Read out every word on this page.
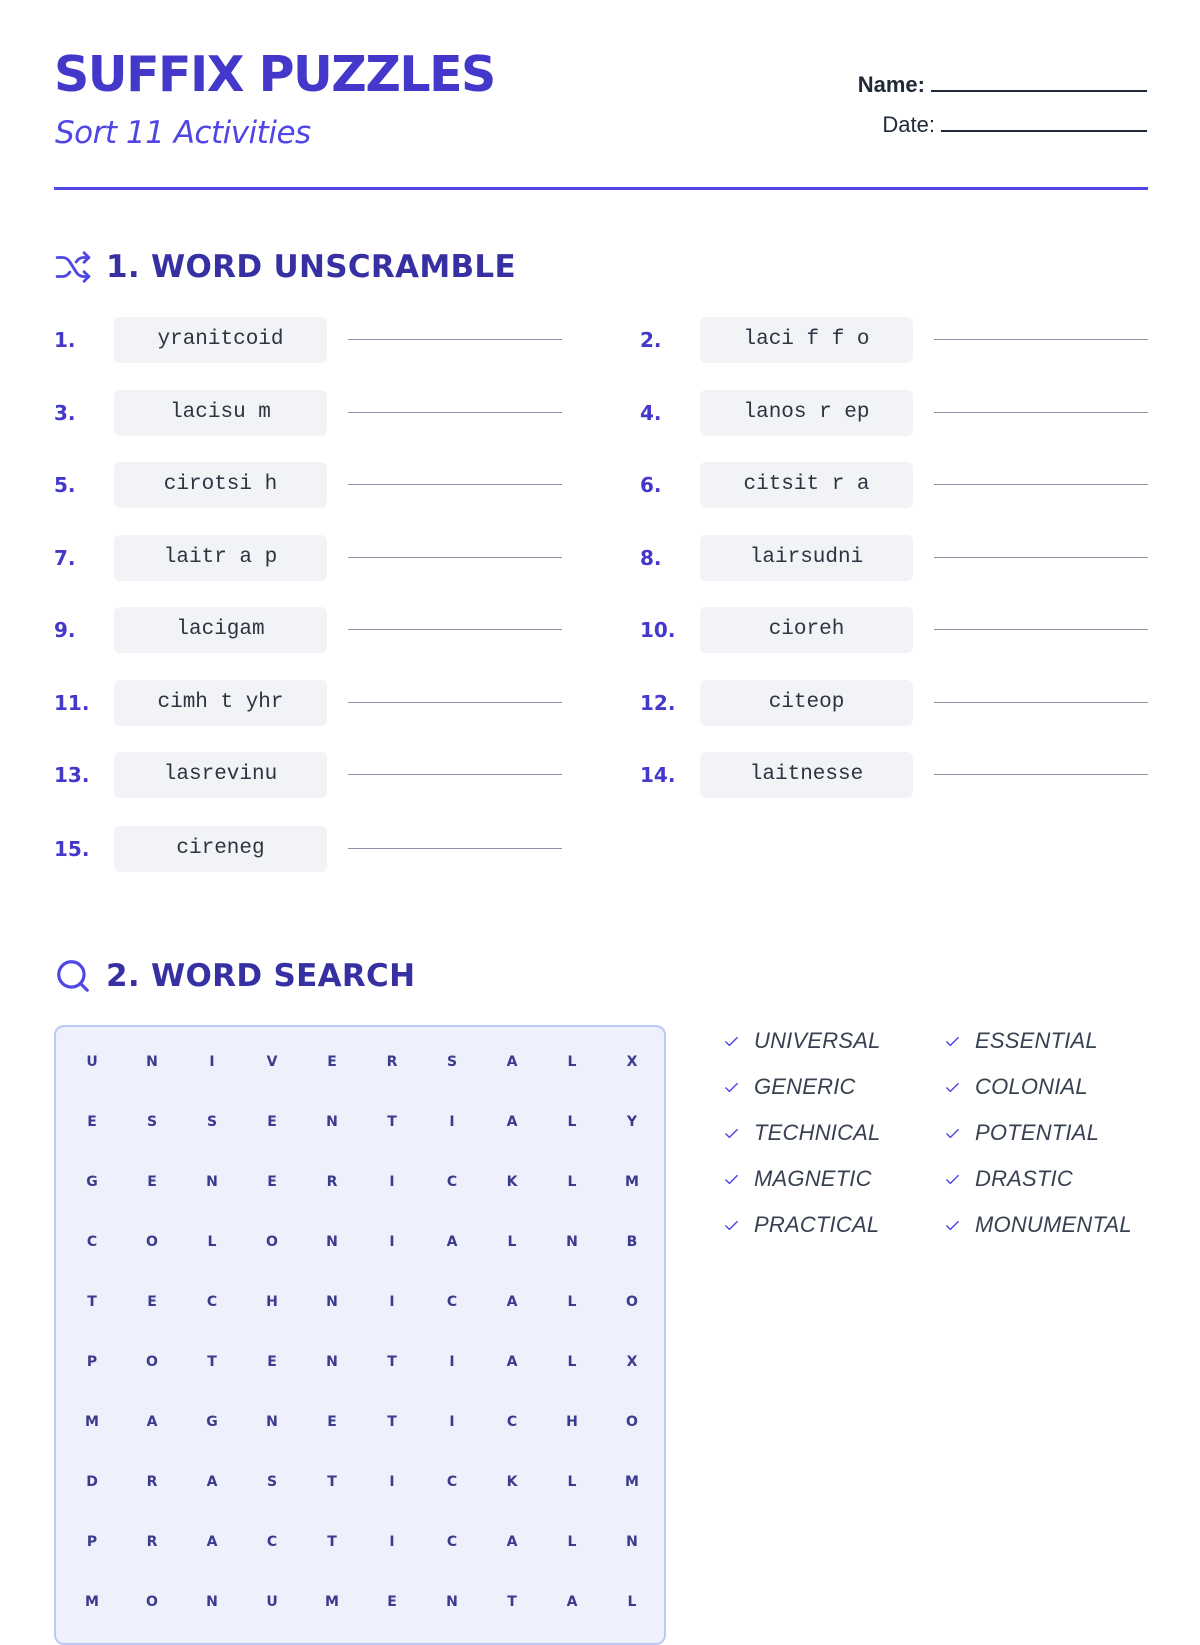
SUFFIX PUZZLES
Sort 11 Activities
Name:
Date:
1. WORD UNSCRAMBLE
1.	yranitcoid	2.	laci f f o
3.	lacisu m	4.	lanos r ep
5.	cirotsi h	6.	citsit r a
7.	laitr a p	8.	lairsudni
9.	lacigam	10.	cioreh
11.	cimh t yhr	12.	citeop
13.	lasrevinu	14.	laitnesse
15.	cireneg
2. WORD SEARCH
U	N	I	V	E	R	S	A	L	X
E	S	S	E	N	T	I	A	L	Y
G	E	N	E	R	I	C	K	L	M
C	O	L	O	N	I	A	L	N	B
T	E	C	H	N	I	C	A	L	O
P	O	T	E	N	T	I	A	L	X
M	A	G	N	E	T	I	C	H	O
D	R	A	S	T	I	C	K	L	M
P	R	A	C	T	I	C	A	L	N
M	O	N	U	M	E	N	T	A	L
UNIVERSAL	ESSENTIAL
GENERIC	COLONIAL
TECHNICAL	POTENTIAL
MAGNETIC	DRASTIC
PRACTICAL	MONUMENTAL
